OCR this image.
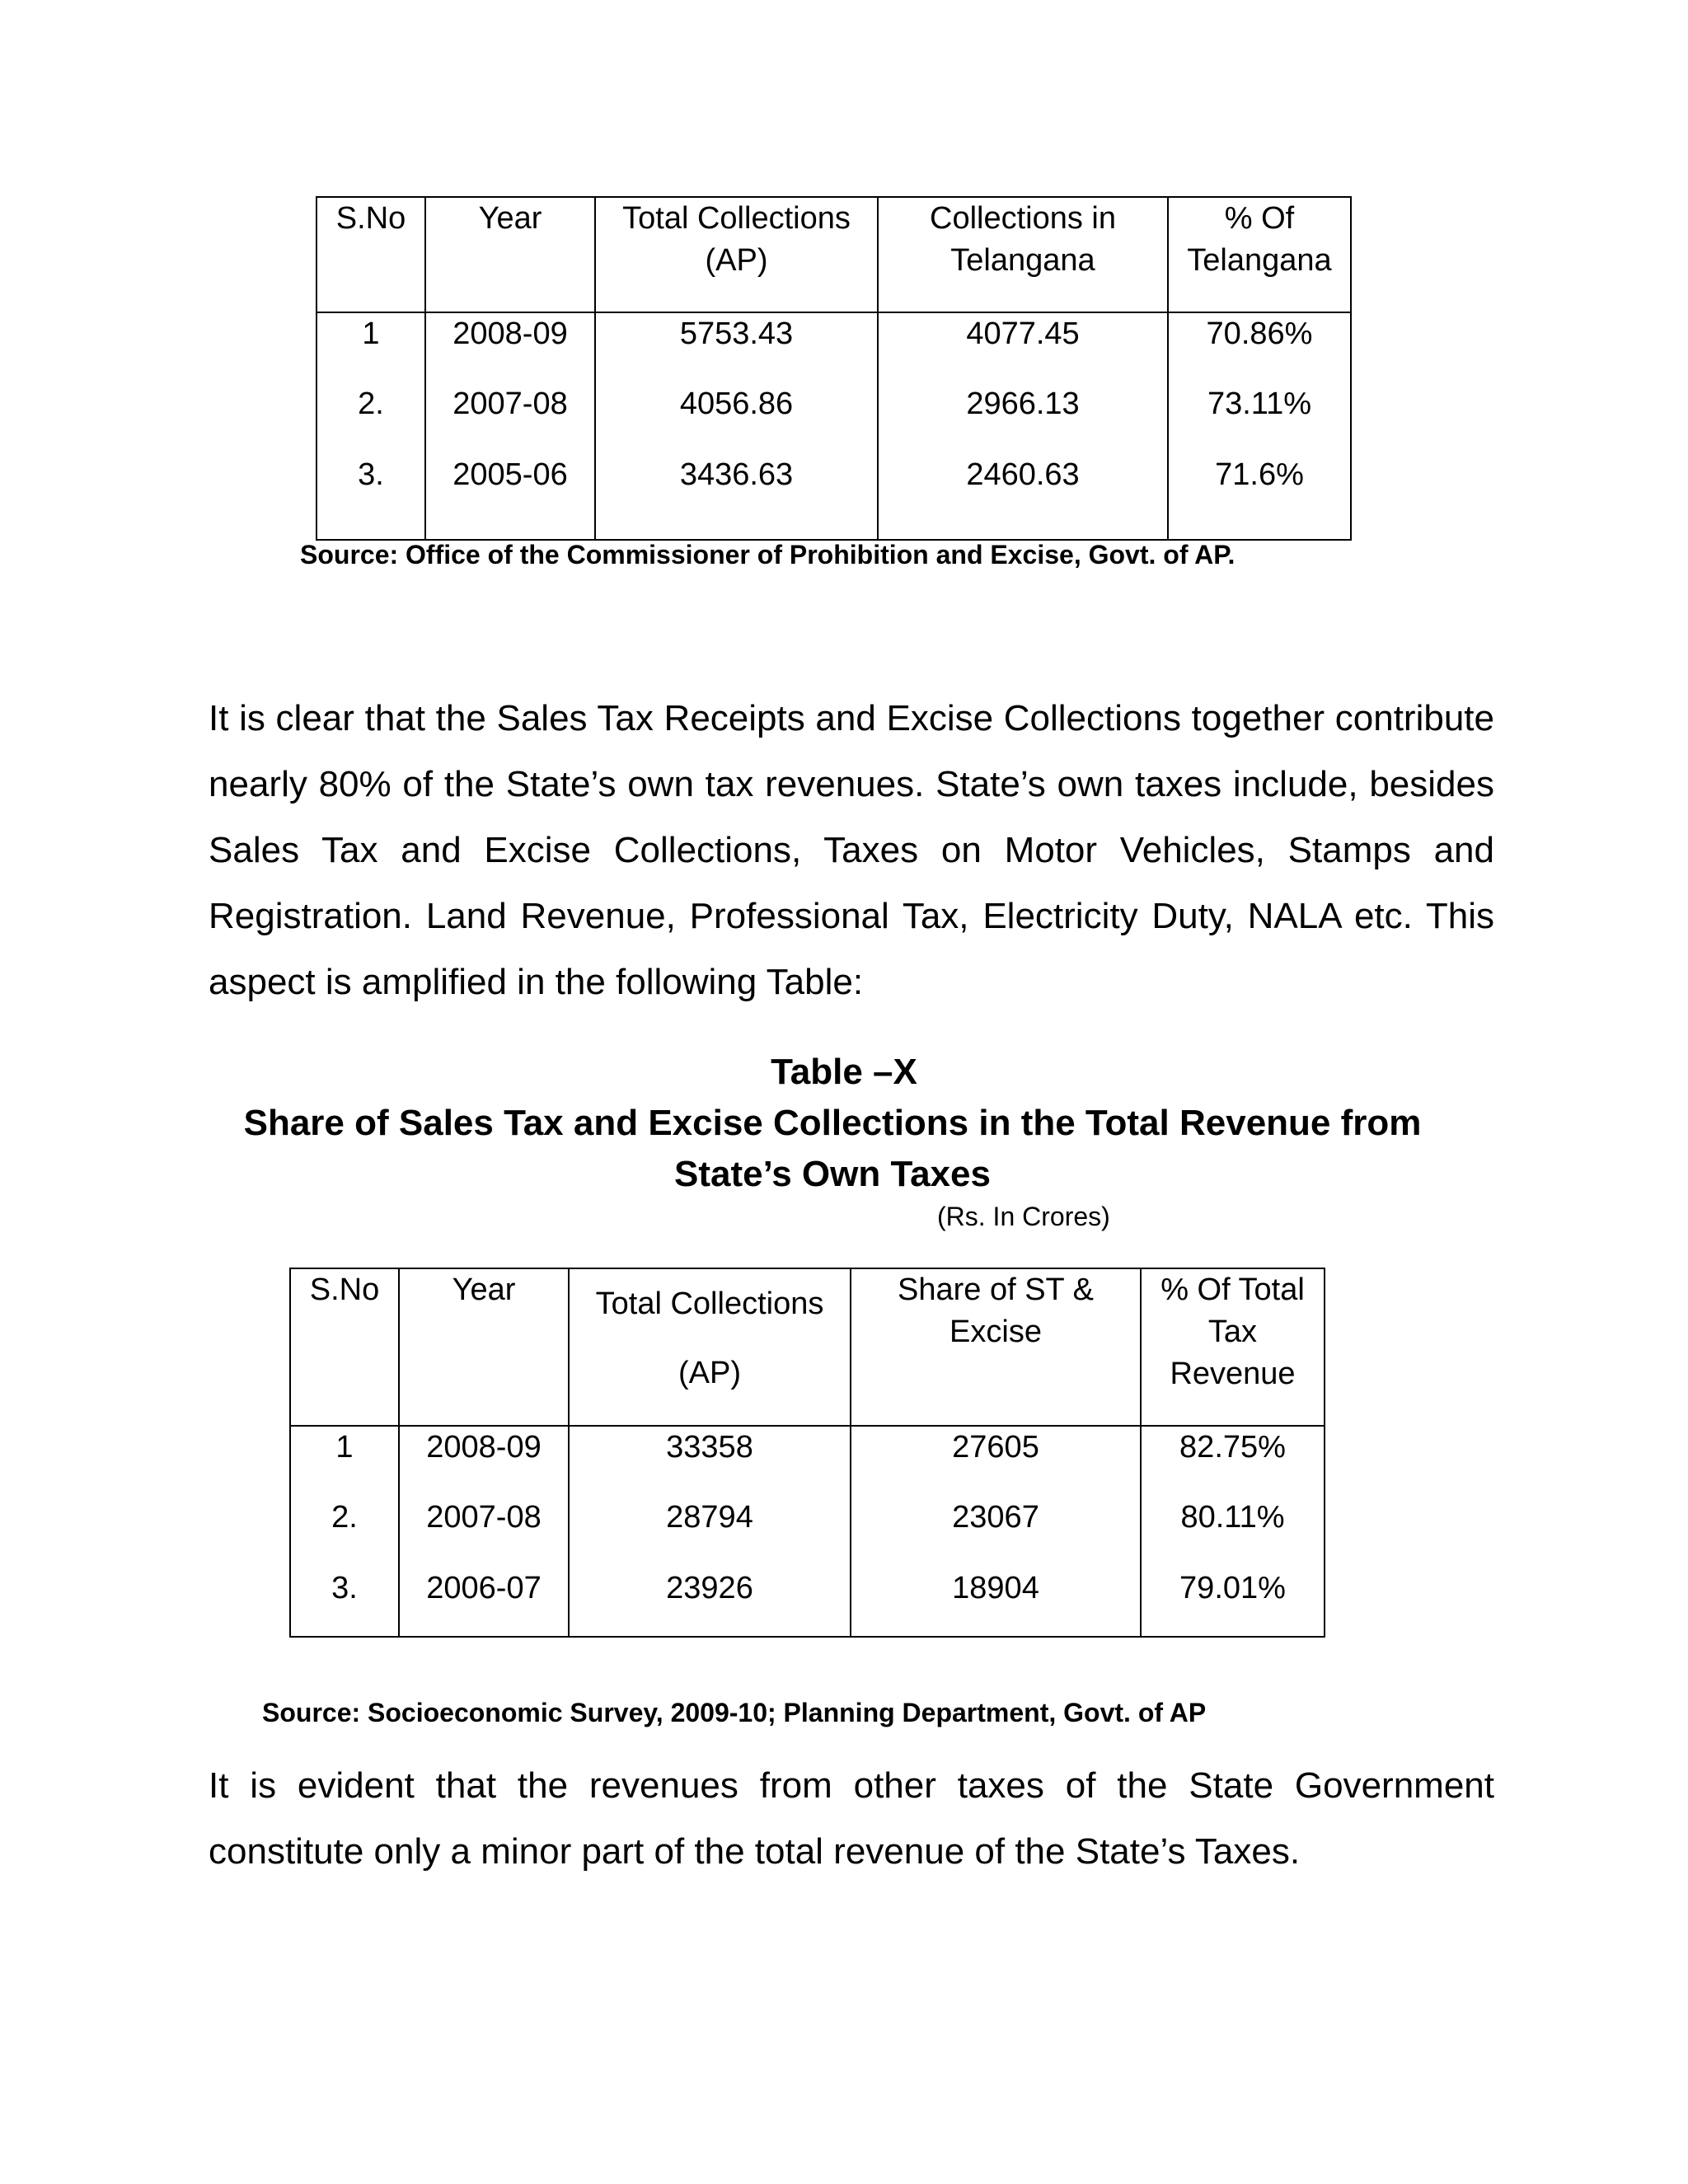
S.No	Year	Total Collections (AP)	Collections in Telangana	% Of Telangana
1	2008-09	5753.43	4077.45	70.86%
2.	2007-08	4056.86	2966.13	73.11%
3.	2005-06	3436.63	2460.63	71.6%
Source: Office of the Commissioner of Prohibition and Excise, Govt. of AP.
It is clear that the Sales Tax Receipts and Excise Collections together contribute nearly 80% of the State’s own tax revenues. State’s own taxes include, besides Sales Tax and Excise Collections, Taxes on Motor Vehicles, Stamps and Registration. Land Revenue, Professional Tax, Electricity Duty, NALA etc. This aspect is amplified in the following Table:
Table –X
Share of Sales Tax and Excise Collections in the Total Revenue from State’s Own Taxes
(Rs. In Crores)
S.No	Year	Total Collections (AP)	Share of ST & Excise	% Of Total Tax Revenue
1	2008-09	33358	27605	82.75%
2.	2007-08	28794	23067	80.11%
3.	2006-07	23926	18904	79.01%
Source: Socioeconomic Survey, 2009-10; Planning Department, Govt. of AP
It is evident that the revenues from other taxes of the State Government constitute only a minor part of the total revenue of the State’s Taxes.
